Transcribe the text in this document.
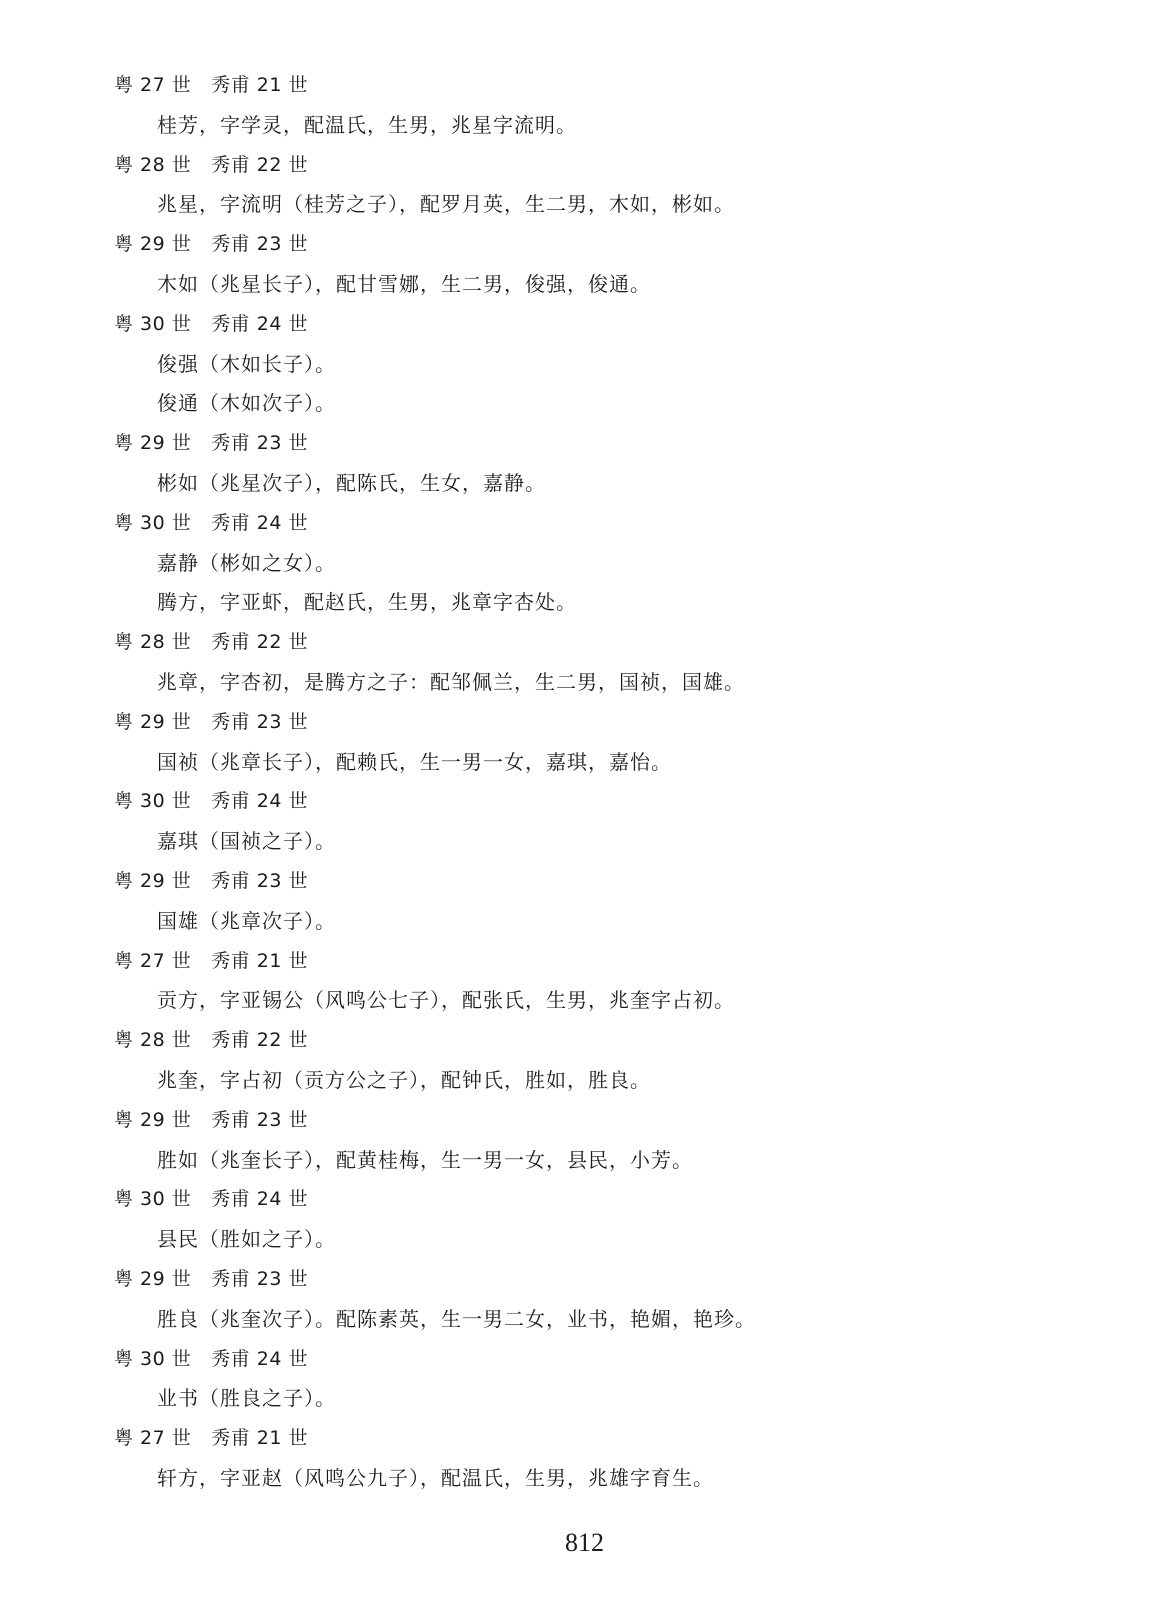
粤 27 世 秀甫 21 世
桂芳，字学灵，配温氏，生男，兆星字流明。
粤 28 世 秀甫 22 世
兆星，字流明（桂芳之子），配罗月英，生二男，木如，彬如。
粤 29 世 秀甫 23 世
木如（兆星长子），配甘雪娜，生二男，俊强，俊通。
粤 30 世 秀甫 24 世
俊强（木如长子）。
俊通（木如次子）。
粤 29 世 秀甫 23 世
彬如（兆星次子），配陈氏，生女，嘉静。
粤 30 世 秀甫 24 世
嘉静（彬如之女）。
腾方，字亚虾，配赵氏，生男，兆章字杏处。
粤 28 世 秀甫 22 世
兆章，字杏初，是腾方之子：配邹佩兰，生二男，国祯，国雄。
粤 29 世 秀甫 23 世
国祯（兆章长子），配赖氏，生一男一女，嘉琪，嘉怡。
粤 30 世 秀甫 24 世
嘉琪（国祯之子）。
粤 29 世 秀甫 23 世
国雄（兆章次子）。
粤 27 世 秀甫 21 世
贡方，字亚锡公（风鸣公七子），配张氏，生男，兆奎字占初。
粤 28 世 秀甫 22 世
兆奎，字占初（贡方公之子），配钟氏，胜如，胜良。
粤 29 世 秀甫 23 世
胜如（兆奎长子），配黄桂梅，生一男一女，县民，小芳。
粤 30 世 秀甫 24 世
县民（胜如之子）。
粤 29 世 秀甫 23 世
胜良（兆奎次子）。配陈素英，生一男二女，业书，艳媚，艳珍。
粤 30 世 秀甫 24 世
业书（胜良之子）。
粤 27 世 秀甫 21 世
轩方，字亚赵（风鸣公九子），配温氏，生男，兆雄字育生。
812
